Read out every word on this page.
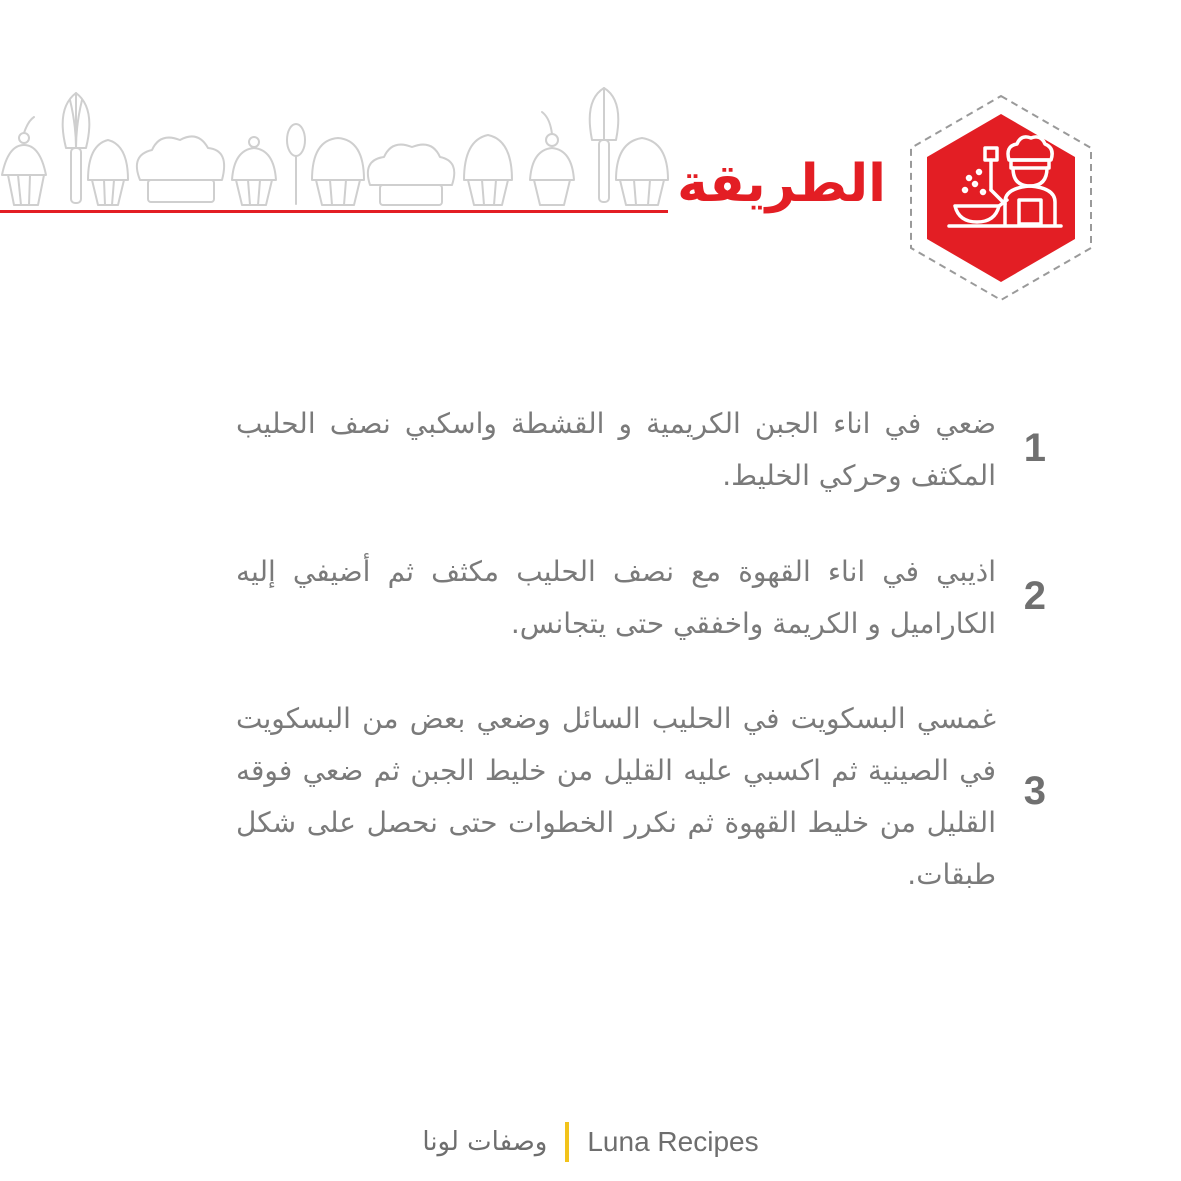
الطريقة
1
ضعي في اناء الجبن الكريمية و القشطة واسكبي نصف الحليب المكثف وحركي الخليط.
2
اذيبي في اناء القهوة مع نصف الحليب مكثف ثم أضيفي إليه الكاراميل و الكريمة واخفقي حتى يتجانس.
3
غمسي البسكويت في الحليب السائل وضعي بعض من البسكويت في الصينية ثم اكسبي عليه القليل من خليط الجبن ثم ضعي فوقه القليل من خليط القهوة ثم نكرر الخطوات حتى نحصل على شكل طبقات.
وصفات لونا Luna Recipes
